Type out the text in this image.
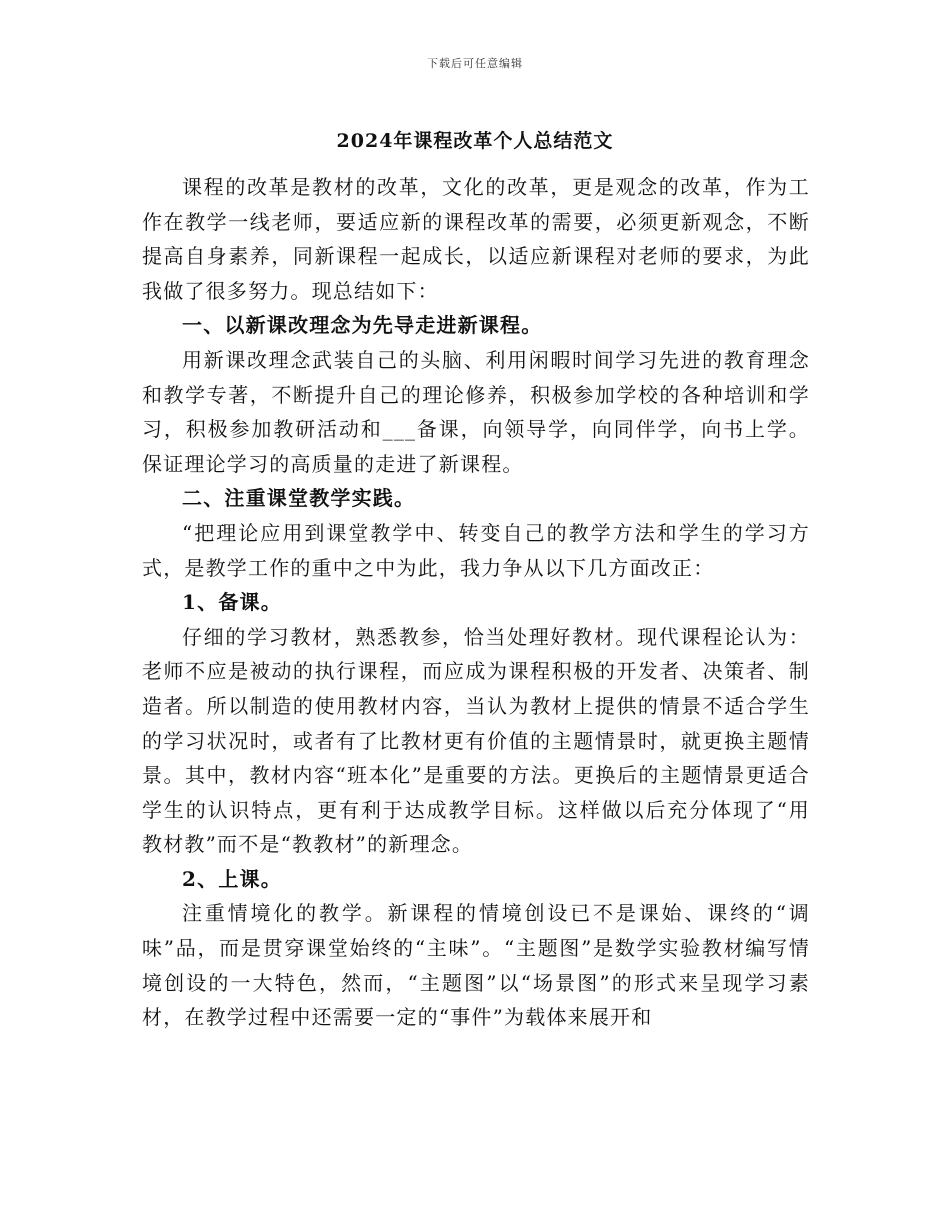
下载后可任意编辑
2024年课程改革个人总结范文

课程的改革是教材的改革，文化的改革，更是观念的改革，作为工作在教学一线老师，要适应新的课程改革的需要，必须更新观念，不断提高自身素养，同新课程一起成长，以适应新课程对老师的要求，为此我做了很多努力。现总结如下：

一、以新课改理念为先导走进新课程。

用新课改理念武装自己的头脑、利用闲暇时间学习先进的教育理念和教学专著，不断提升自己的理论修养，积极参加学校的各种培训和学习，积极参加教研活动和___备课，向领导学，向同伴学，向书上学。保证理论学习的高质量的走进了新课程。

二、注重课堂教学实践。

“把理论应用到课堂教学中、转变自己的教学方法和学生的学习方式，是教学工作的重中之中为此，我力争从以下几方面改正：

1、备课。

仔细的学习教材，熟悉教参，恰当处理好教材。现代课程论认为：老师不应是被动的执行课程，而应成为课程积极的开发者、决策者、制造者。所以制造的使用教材内容，当认为教材上提供的情景不适合学生的学习状况时，或者有了比教材更有价值的主题情景时，就更换主题情景。其中，教材内容“班本化”是重要的方法。更换后的主题情景更适合学生的认识特点，更有利于达成教学目标。这样做以后充分体现了“用教材教”而不是“教教材”的新理念。

2、上课。

注重情境化的教学。新课程的情境创设已不是课始、课终的“调味”品，而是贯穿课堂始终的“主味”。“主题图”是数学实验教材编写情境创设的一大特色，然而，“主题图”以“场景图”的形式来呈现学习素材，在教学过程中还需要一定的“事件”为载体来展开和
